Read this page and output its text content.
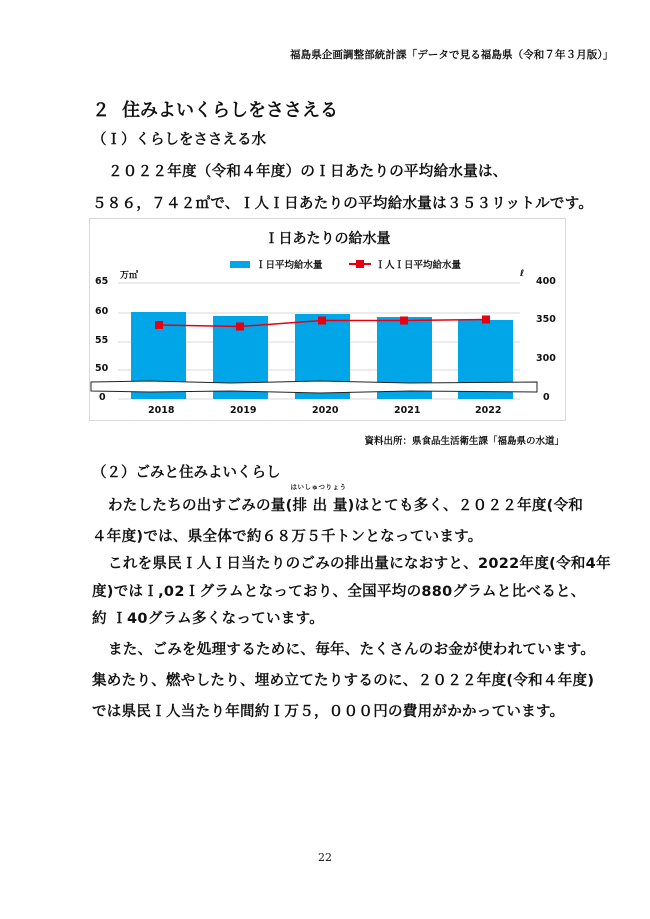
福島県企画調整部統計課「データで見る福島県（令和７年３月版）」
２ 住みよいくらしをささえる
（Ｉ）くらしをささえる水
２０２２年度（令和４年度）のＩ日あたりの平均給水量は、
５８６，７４２㎥で、Ｉ人Ｉ日あたりの平均給水量は３５３リットルです。
Ｉ日あたりの給水量
Ｉ日平均給水量	Ｉ人Ｉ日平均給水量
万㎥	ℓ
65
60
55
50
0
400
350
300
0
2018	2019	2020	2021	2022
資料出所：県食品生活衛生課「福島県の水道」
（２）ごみと住みよいくらし
わたしたちの出すごみの量(
はいしゅつりょう
排 出 量)はとても多く、２０２２年度(令和
４年度)では、県全体で約６８万５千トンとなっています。
これを県民Ｉ人Ｉ日当たりのごみの排出量になおすと、2022年度(令和4年
度)ではＩ,02Ｉグラムとなっており、全国平均の880グラムと比べると、
約 Ｉ40グラム多くなっています。
また、ごみを処理するために、毎年、たくさんのお金が使われています。
集めたり、燃やしたり、埋め立てたりするのに、２０２２年度(令和４年度)
では県民Ｉ人当たり年間約Ｉ万５，０００円の費用がかかっています。
22
